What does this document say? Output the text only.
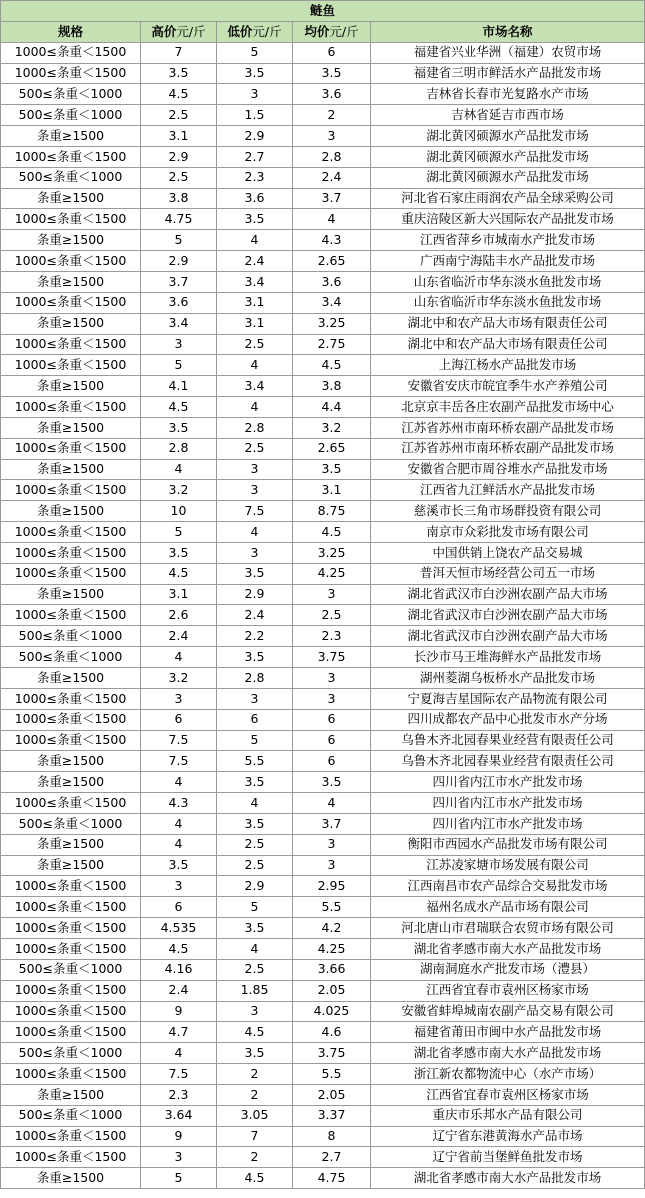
鲢鱼				
规格	高价元/斤	低价元/斤	均价元/斤	市场名称
1000≤条重＜1500	7	5	6	福建省兴业华洲（福建）农贸市场
1000≤条重＜1500	3.5	3.5	3.5	福建省三明市鲜活水产品批发市场
500≤条重＜1000	4.5	3	3.6	吉林省长春市光复路水产市场
500≤条重＜1000	2.5	1.5	2	吉林省延吉市西市场
条重≥1500	3.1	2.9	3	湖北黄冈硕源水产品批发市场
1000≤条重＜1500	2.9	2.7	2.8	湖北黄冈硕源水产品批发市场
500≤条重＜1000	2.5	2.3	2.4	湖北黄冈硕源水产品批发市场
条重≥1500	3.8	3.6	3.7	河北省石家庄雨润农产品全球采购公司
1000≤条重＜1500	4.75	3.5	4	重庆涪陵区新大兴国际农产品批发市场
条重≥1500	5	4	4.3	江西省萍乡市城南水产批发市场
1000≤条重＜1500	2.9	2.4	2.65	广西南宁海陆丰水产品批发市场
条重≥1500	3.7	3.4	3.6	山东省临沂市华东淡水鱼批发市场
1000≤条重＜1500	3.6	3.1	3.4	山东省临沂市华东淡水鱼批发市场
条重≥1500	3.4	3.1	3.25	湖北中和农产品大市场有限责任公司
1000≤条重＜1500	3	2.5	2.75	湖北中和农产品大市场有限责任公司
1000≤条重＜1500	5	4	4.5	上海江杨水产品批发市场
条重≥1500	4.1	3.4	3.8	安徽省安庆市皖宜季牛水产养殖公司
1000≤条重＜1500	4.5	4	4.4	北京京丰岳各庄农副产品批发市场中心
条重≥1500	3.5	2.8	3.2	江苏省苏州市南环桥农副产品批发市场
1000≤条重＜1500	2.8	2.5	2.65	江苏省苏州市南环桥农副产品批发市场
条重≥1500	4	3	3.5	安徽省合肥市周谷堆水产品批发市场
1000≤条重＜1500	3.2	3	3.1	江西省九江鲜活水产品批发市场
条重≥1500	10	7.5	8.75	慈溪市长三角市场群投资有限公司
1000≤条重＜1500	5	4	4.5	南京市众彩批发市场有限公司
1000≤条重＜1500	3.5	3	3.25	中国供销上饶农产品交易城
1000≤条重＜1500	4.5	3.5	4.25	普洱天恒市场经营公司五一市场
条重≥1500	3.1	2.9	3	湖北省武汉市白沙洲农副产品大市场
1000≤条重＜1500	2.6	2.4	2.5	湖北省武汉市白沙洲农副产品大市场
500≤条重＜1000	2.4	2.2	2.3	湖北省武汉市白沙洲农副产品大市场
500≤条重＜1000	4	3.5	3.75	长沙市马王堆海鲜水产品批发市场
条重≥1500	3.2	2.8	3	湖州菱湖乌板桥水产品批发市场
1000≤条重＜1500	3	3	3	宁夏海吉星国际农产品物流有限公司
1000≤条重＜1500	6	6	6	四川成都农产品中心批发市水产分场
1000≤条重＜1500	7.5	5	6	乌鲁木齐北园春果业经营有限责任公司
条重≥1500	7.5	5.5	6	乌鲁木齐北园春果业经营有限责任公司
条重≥1500	4	3.5	3.5	四川省内江市水产批发市场
1000≤条重＜1500	4.3	4	4	四川省内江市水产批发市场
500≤条重＜1000	4	3.5	3.7	四川省内江市水产批发市场
条重≥1500	4	2.5	3	衡阳市西园水产品批发市场有限公司
条重≥1500	3.5	2.5	3	江苏凌家塘市场发展有限公司
1000≤条重＜1500	3	2.9	2.95	江西南昌市农产品综合交易批发市场
1000≤条重＜1500	6	5	5.5	福州名成水产品市场有限公司
1000≤条重＜1500	4.535	3.5	4.2	河北唐山市君瑞联合农贸市场有限公司
1000≤条重＜1500	4.5	4	4.25	湖北省孝感市南大水产品批发市场
500≤条重＜1000	4.16	2.5	3.66	湖南洞庭水产批发市场（澧县）
1000≤条重＜1500	2.4	1.85	2.05	江西省宜春市袁州区杨家市场
1000≤条重＜1500	9	3	4.025	安徽省蚌埠城南农副产品交易有限公司
1000≤条重＜1500	4.7	4.5	4.6	福建省莆田市闽中水产品批发市场
500≤条重＜1000	4	3.5	3.75	湖北省孝感市南大水产品批发市场
1000≤条重＜1500	7.5	2	5.5	浙江新农都物流中心（水产市场）
条重≥1500	2.3	2	2.05	江西省宜春市袁州区杨家市场
500≤条重＜1000	3.64	3.05	3.37	重庆市乐邦水产品有限公司
1000≤条重＜1500	9	7	8	辽宁省东港黄海水产品市场
1000≤条重＜1500	3	2	2.7	辽宁省前当堡鲜鱼批发市场
条重≥1500	5	4.5	4.75	湖北省孝感市南大水产品批发市场
